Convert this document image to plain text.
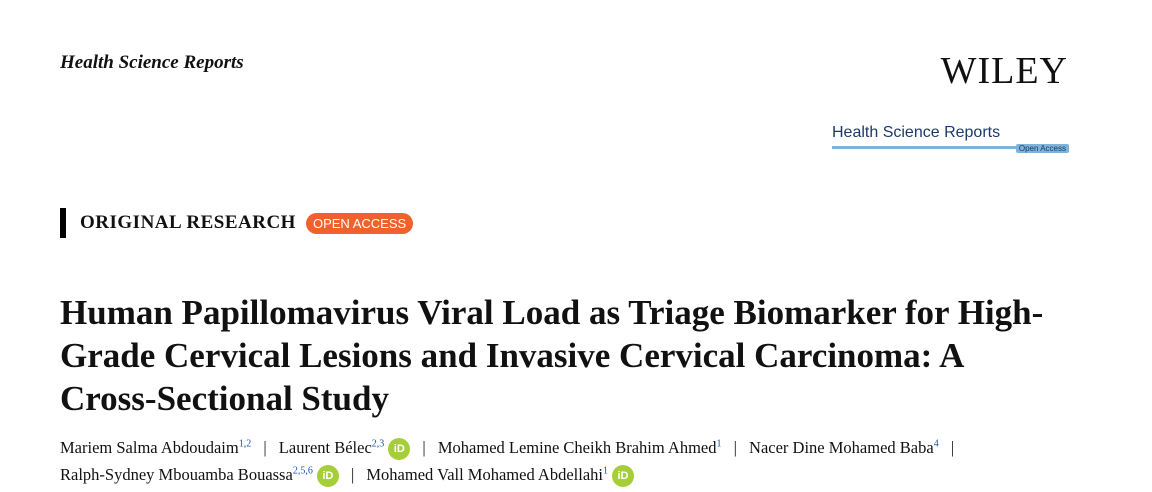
Health Science Reports	WILEY
Health Science Reports
Open Access
ORIGINAL RESEARCH	OPEN ACCESS
Human Papillomavirus Viral Load as Triage Biomarker for High-Grade Cervical Lesions and Invasive Cervical Carcinoma: A Cross-Sectional Study
Mariem Salma Abdoudaim$^{1,2}$ | Laurent Bélec$^{2,3}$ iD | Mohamed Lemine Cheikh Brahim Ahmed$^1$ | Nacer Dine Mohamed Baba$^4$ | Ralph-Sydney Mbouamba Bouassa$^{2,5,6}$ iD | Mohamed Vall Mohamed Abdellahi$^1$ iD
